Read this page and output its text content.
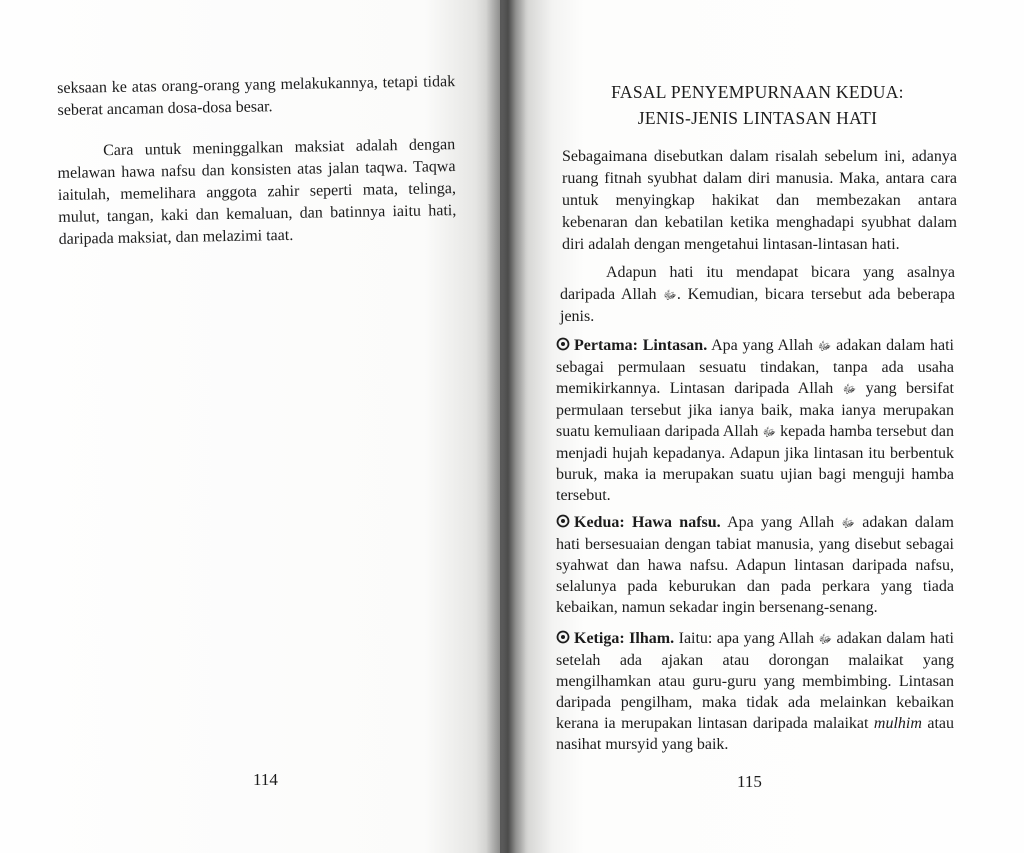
seksaan ke atas orang-orang yang melakukannya, tetapi tidak seberat ancaman dosa-dosa besar.

Cara untuk meninggalkan maksiat adalah dengan melawan hawa nafsu dan konsisten atas jalan taqwa. Taqwa iaitulah, memelihara anggota zahir seperti mata, telinga, mulut, tangan, kaki dan kemaluan, dan batinnya iaitu hati, daripada maksiat, dan melazimi taat.

114
FASAL PENYEMPURNAAN KEDUA:
JENIS-JENIS LINTASAN HATI

Sebagaimana disebutkan dalam risalah sebelum ini, adanya ruang fitnah syubhat dalam diri manusia. Maka, antara cara untuk menyingkap hakikat dan membezakan antara kebenaran dan kebatilan ketika menghadapi syubhat dalam diri adalah dengan mengetahui lintasan-lintasan hati.

Adapun hati itu mendapat bicara yang asalnya daripada Allah ﷻ. Kemudian, bicara tersebut ada beberapa jenis.

Pertama: Lintasan. Apa yang Allah ﷻ adakan dalam hati sebagai permulaan sesuatu tindakan, tanpa ada usaha memikirkannya. Lintasan daripada Allah ﷻ yang bersifat permulaan tersebut jika ianya baik, maka ianya merupakan suatu kemuliaan daripada Allah ﷻ kepada hamba tersebut dan menjadi hujah kepadanya. Adapun jika lintasan itu berbentuk buruk, maka ia merupakan suatu ujian bagi menguji hamba tersebut.
Kedua: Hawa nafsu. Apa yang Allah ﷻ adakan dalam hati bersesuaian dengan tabiat manusia, yang disebut sebagai syahwat dan hawa nafsu. Adapun lintasan daripada nafsu, selalunya pada keburukan dan pada perkara yang tiada kebaikan, namun sekadar ingin bersenang-senang.
Ketiga: Ilham. Iaitu: apa yang Allah ﷻ adakan dalam hati setelah ada ajakan atau dorongan malaikat yang mengilhamkan atau guru-guru yang membimbing. Lintasan daripada pengilham, maka tidak ada melainkan kebaikan kerana ia merupakan lintasan daripada malaikat mulhim atau nasihat mursyid yang baik.
115
